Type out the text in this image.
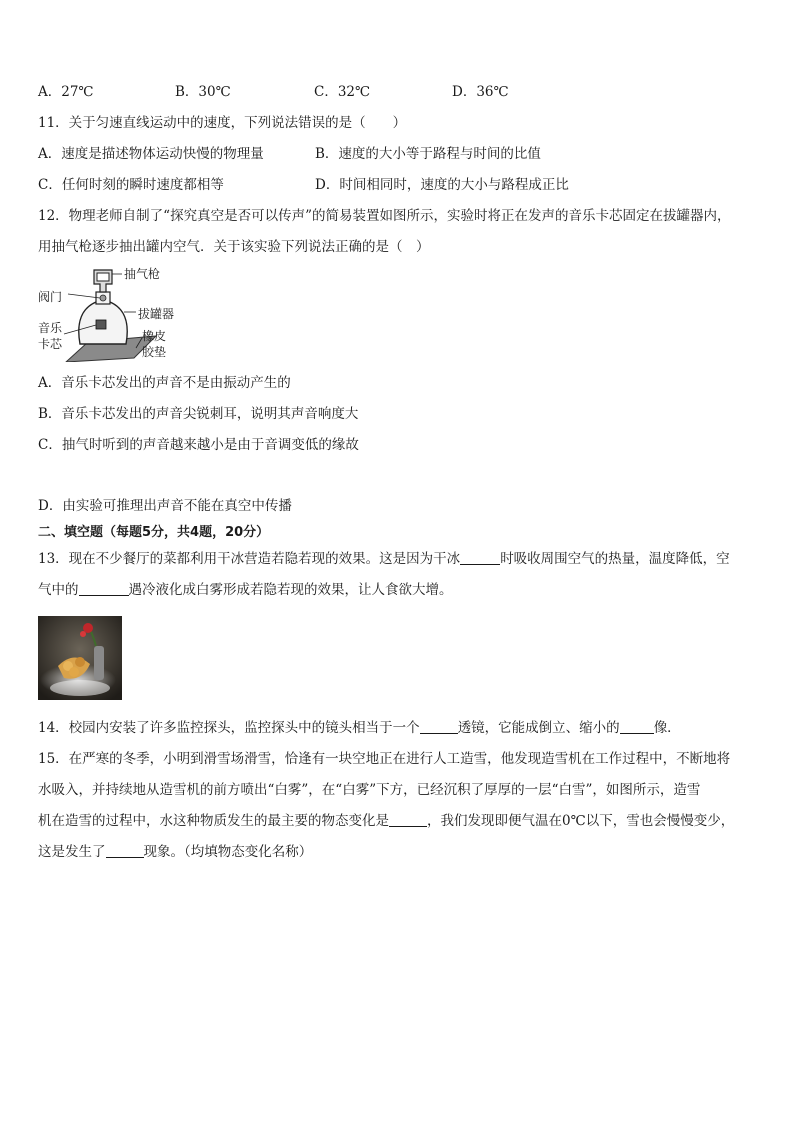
A．27℃	B．30℃	C．32℃	D．36℃
11．关于匀速直线运动中的速度，下列说法错误的是（　　）
A．速度是描述物体运动快慢的物理量	B．速度的大小等于路程与时间的比值
C．任何时刻的瞬时速度都相等	D．时间相同时，速度的大小与路程成正比
12．物理老师自制了“探究真空是否可以传声”的简易装置如图所示，实验时将正在发声的音乐卡芯固定在拔罐器内，
用抽气枪逐步抽出罐内空气．关于该实验下列说法正确的是（　）
抽气枪
阀门
拔罐器
音乐
卡芯
橡皮
胶垫
A．音乐卡芯发出的声音不是由振动产生的
B．音乐卡芯发出的声音尖锐刺耳，说明其声音响度大
C．抽气时听到的声音越来越小是由于音调变低的缘故
D．由实验可推理出声音不能在真空中传播
二、填空题（每题5分，共4题，20分）
13．现在不少餐厅的菜都利用干冰营造若隐若现的效果。这是因为干冰	时吸收周围空气的热量，温度降低，空
气中的	遇冷液化成白雾形成若隐若现的效果，让人食欲大增。
14．校园内安装了许多监控探头，监控探头中的镜头相当于一个	透镜，它能成倒立、缩小的	像．
15．在严寒的冬季，小明到滑雪场滑雪，恰逢有一块空地正在进行人工造雪，他发现造雪机在工作过程中，不断地将
水吸入，并持续地从造雪机的前方喷出“白雾”，在“白雾”下方，已经沉积了厚厚的一层“白雪”，如图所示，造雪
机在造雪的过程中，水这种物质发生的最主要的物态变化是	，我们发现即便气温在0℃以下，雪也会慢慢变少，
这是发生了	现象。（均填物态变化名称）
